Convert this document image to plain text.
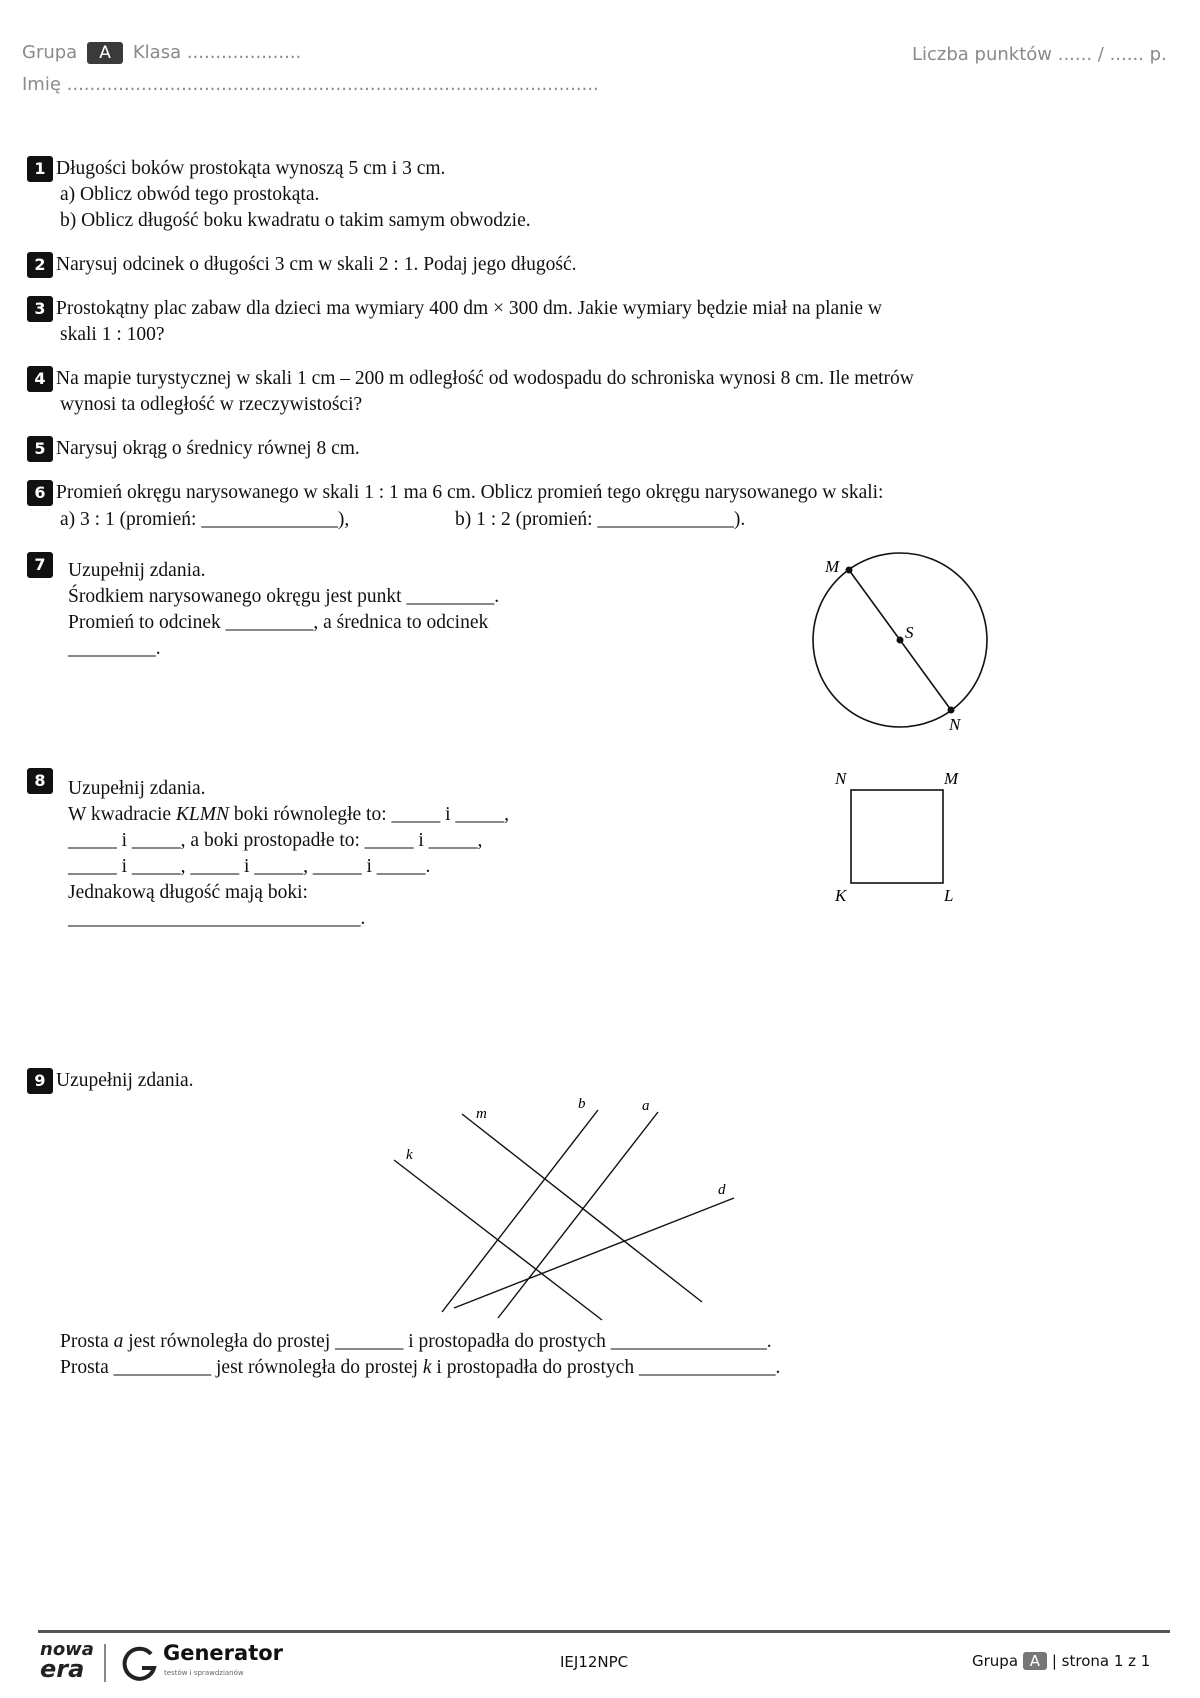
Grupa A Klasa ....................	Liczba punktów ...... / ...... p.
Imię .............................................................................................
1 Długości boków prostokąta wynoszą 5 cm i 3 cm.
a) Oblicz obwód tego prostokąta.
b) Oblicz długość boku kwadratu o takim samym obwodzie.
2 Narysuj odcinek o długości 3 cm w skali 2 : 1. Podaj jego długość.
3 Prostokątny plac zabaw dla dzieci ma wymiary 400 dm × 300 dm. Jakie wymiary będzie miał na planie w
skali 1 : 100?
4 Na mapie turystycznej w skali 1 cm – 200 m odległość od wodospadu do schroniska wynosi 8 cm. Ile metrów
wynosi ta odległość w rzeczywistości?
5 Narysuj okrąg o średnicy równej 8 cm.
6 Promień okręgu narysowanego w skali 1 : 1 ma 6 cm. Oblicz promień tego okręgu narysowanego w skali:
a) 3 : 1 (promień: ______________),	b) 1 : 2 (promień: ______________).
7	Uzupełnij zdania.
Środkiem narysowanego okręgu jest punkt _________.
Promień to odcinek _________, a średnica to odcinek
_________.
M
S
N
8	Uzupełnij zdania.
W kwadracie KLMN boki równoległe to: _____ i _____,
_____ i _____, a boki prostopadłe to: _____ i _____,
_____ i _____, _____ i _____, _____ i _____.
Jednakową długość mają boki:
______________________________.
N	M
K	L
9 Uzupełnij zdania.
m
b	a
k
d
Prosta a jest równoległa do prostej _______ i prostopadła do prostych ________________.
Prosta __________ jest równoległa do prostej k i prostopadła do prostych ______________.
nowa
era
Generator
testów i sprawdzianów
IEJ12NPC	Grupa A | strona 1 z 1
